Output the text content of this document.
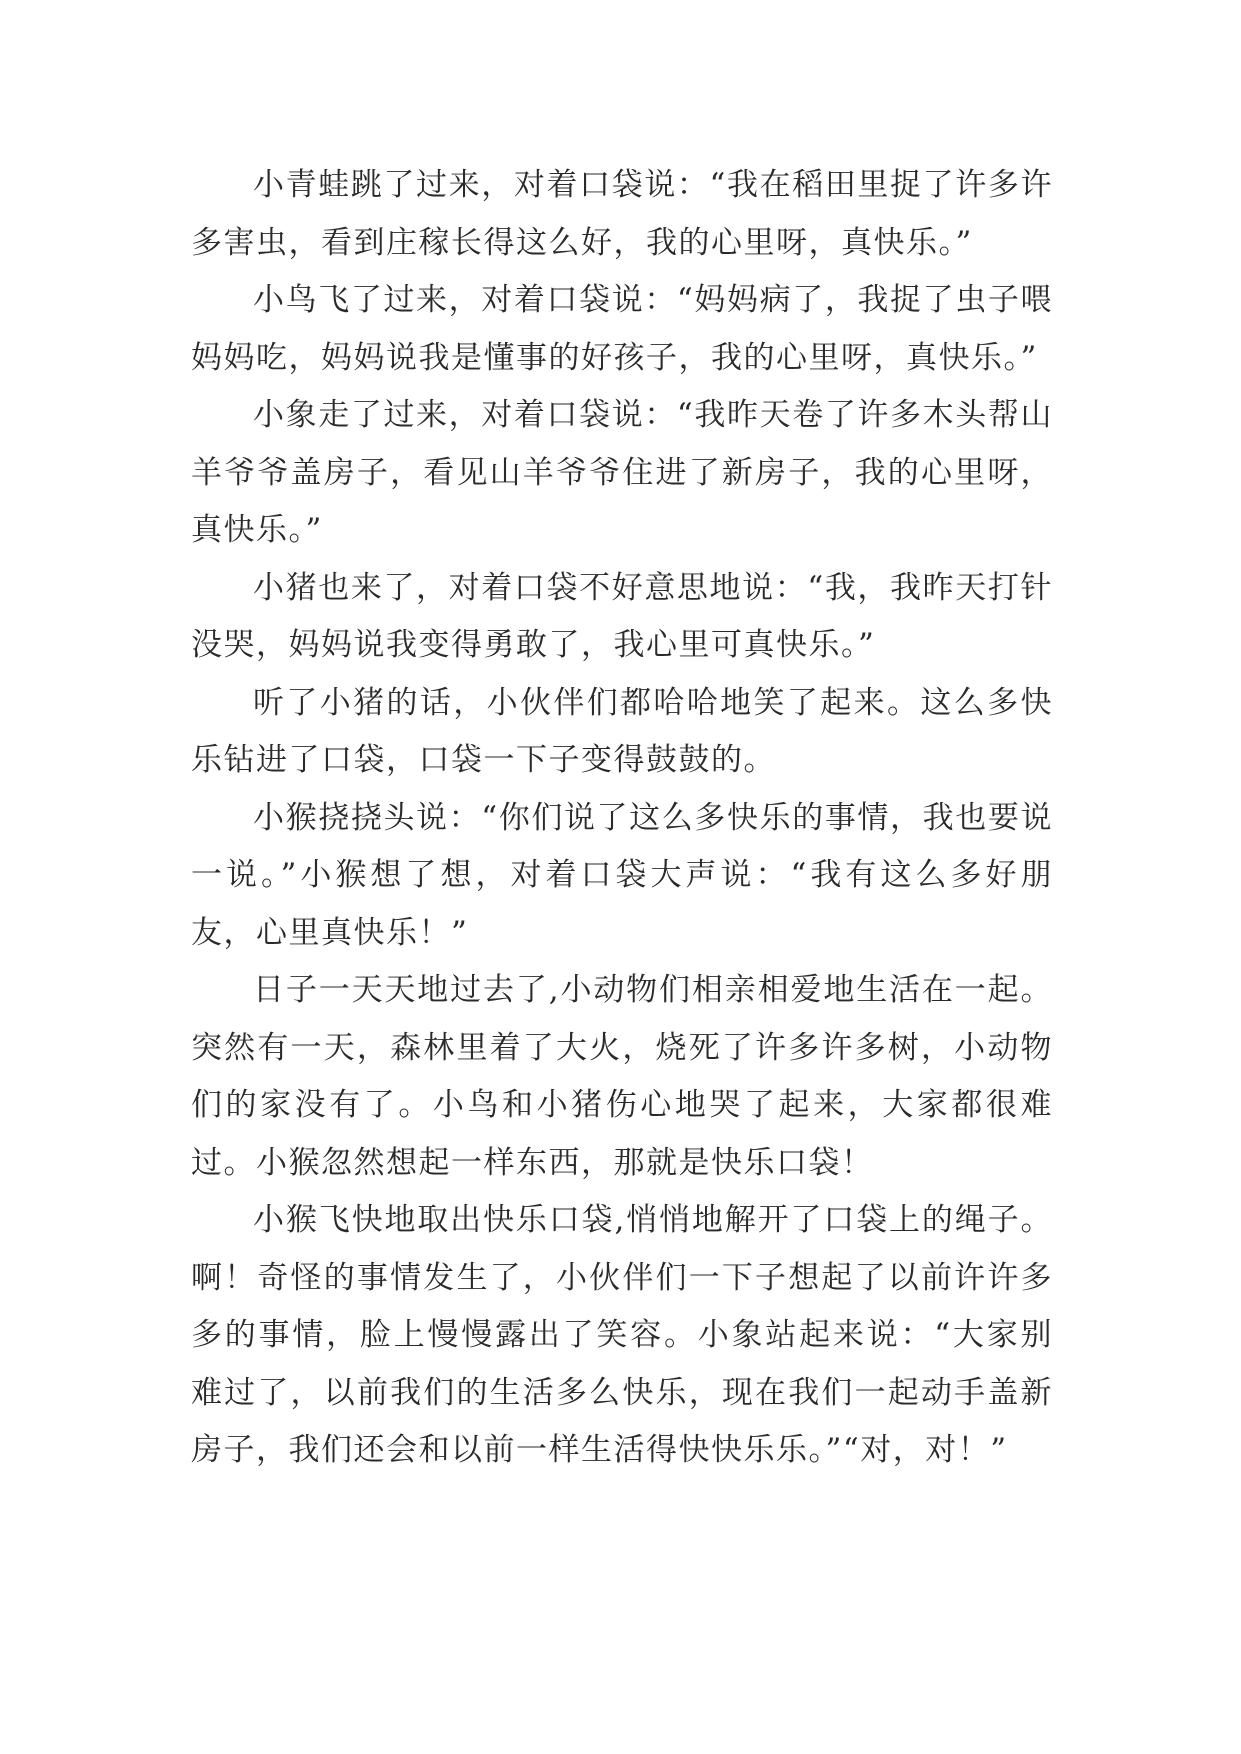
小青蛙跳了过来，对着口袋说：“我在稻田里捉了许多许多害虫，看到庄稼长得这么好，我的心里呀，真快乐。”

小鸟飞了过来，对着口袋说：“妈妈病了，我捉了虫子喂妈妈吃，妈妈说我是懂事的好孩子，我的心里呀，真快乐。”

小象走了过来，对着口袋说：“我昨天卷了许多木头帮山羊爷爷盖房子，看见山羊爷爷住进了新房子，我的心里呀，真快乐。”

小猪也来了，对着口袋不好意思地说：“我，我昨天打针没哭，妈妈说我变得勇敢了，我心里可真快乐。”

听了小猪的话，小伙伴们都哈哈地笑了起来。这么多快乐钻进了口袋，口袋一下子变得鼓鼓的。

小猴挠挠头说：“你们说了这么多快乐的事情，我也要说一说。”小猴想了想，对着口袋大声说：“我有这么多好朋友，心里真快乐！”

日子一天天地过去了,小动物们相亲相爱地生活在一起。突然有一天，森林里着了大火，烧死了许多许多树，小动物们的家没有了。小鸟和小猪伤心地哭了起来，大家都很难过。小猴忽然想起一样东西，那就是快乐口袋！

小猴飞快地取出快乐口袋,悄悄地解开了口袋上的绳子。啊！奇怪的事情发生了，小伙伴们一下子想起了以前许许多多的事情，脸上慢慢露出了笑容。小象站起来说：“大家别难过了，以前我们的生活多么快乐，现在我们一起动手盖新房子，我们还会和以前一样生活得快快乐乐。”“对，对！”
